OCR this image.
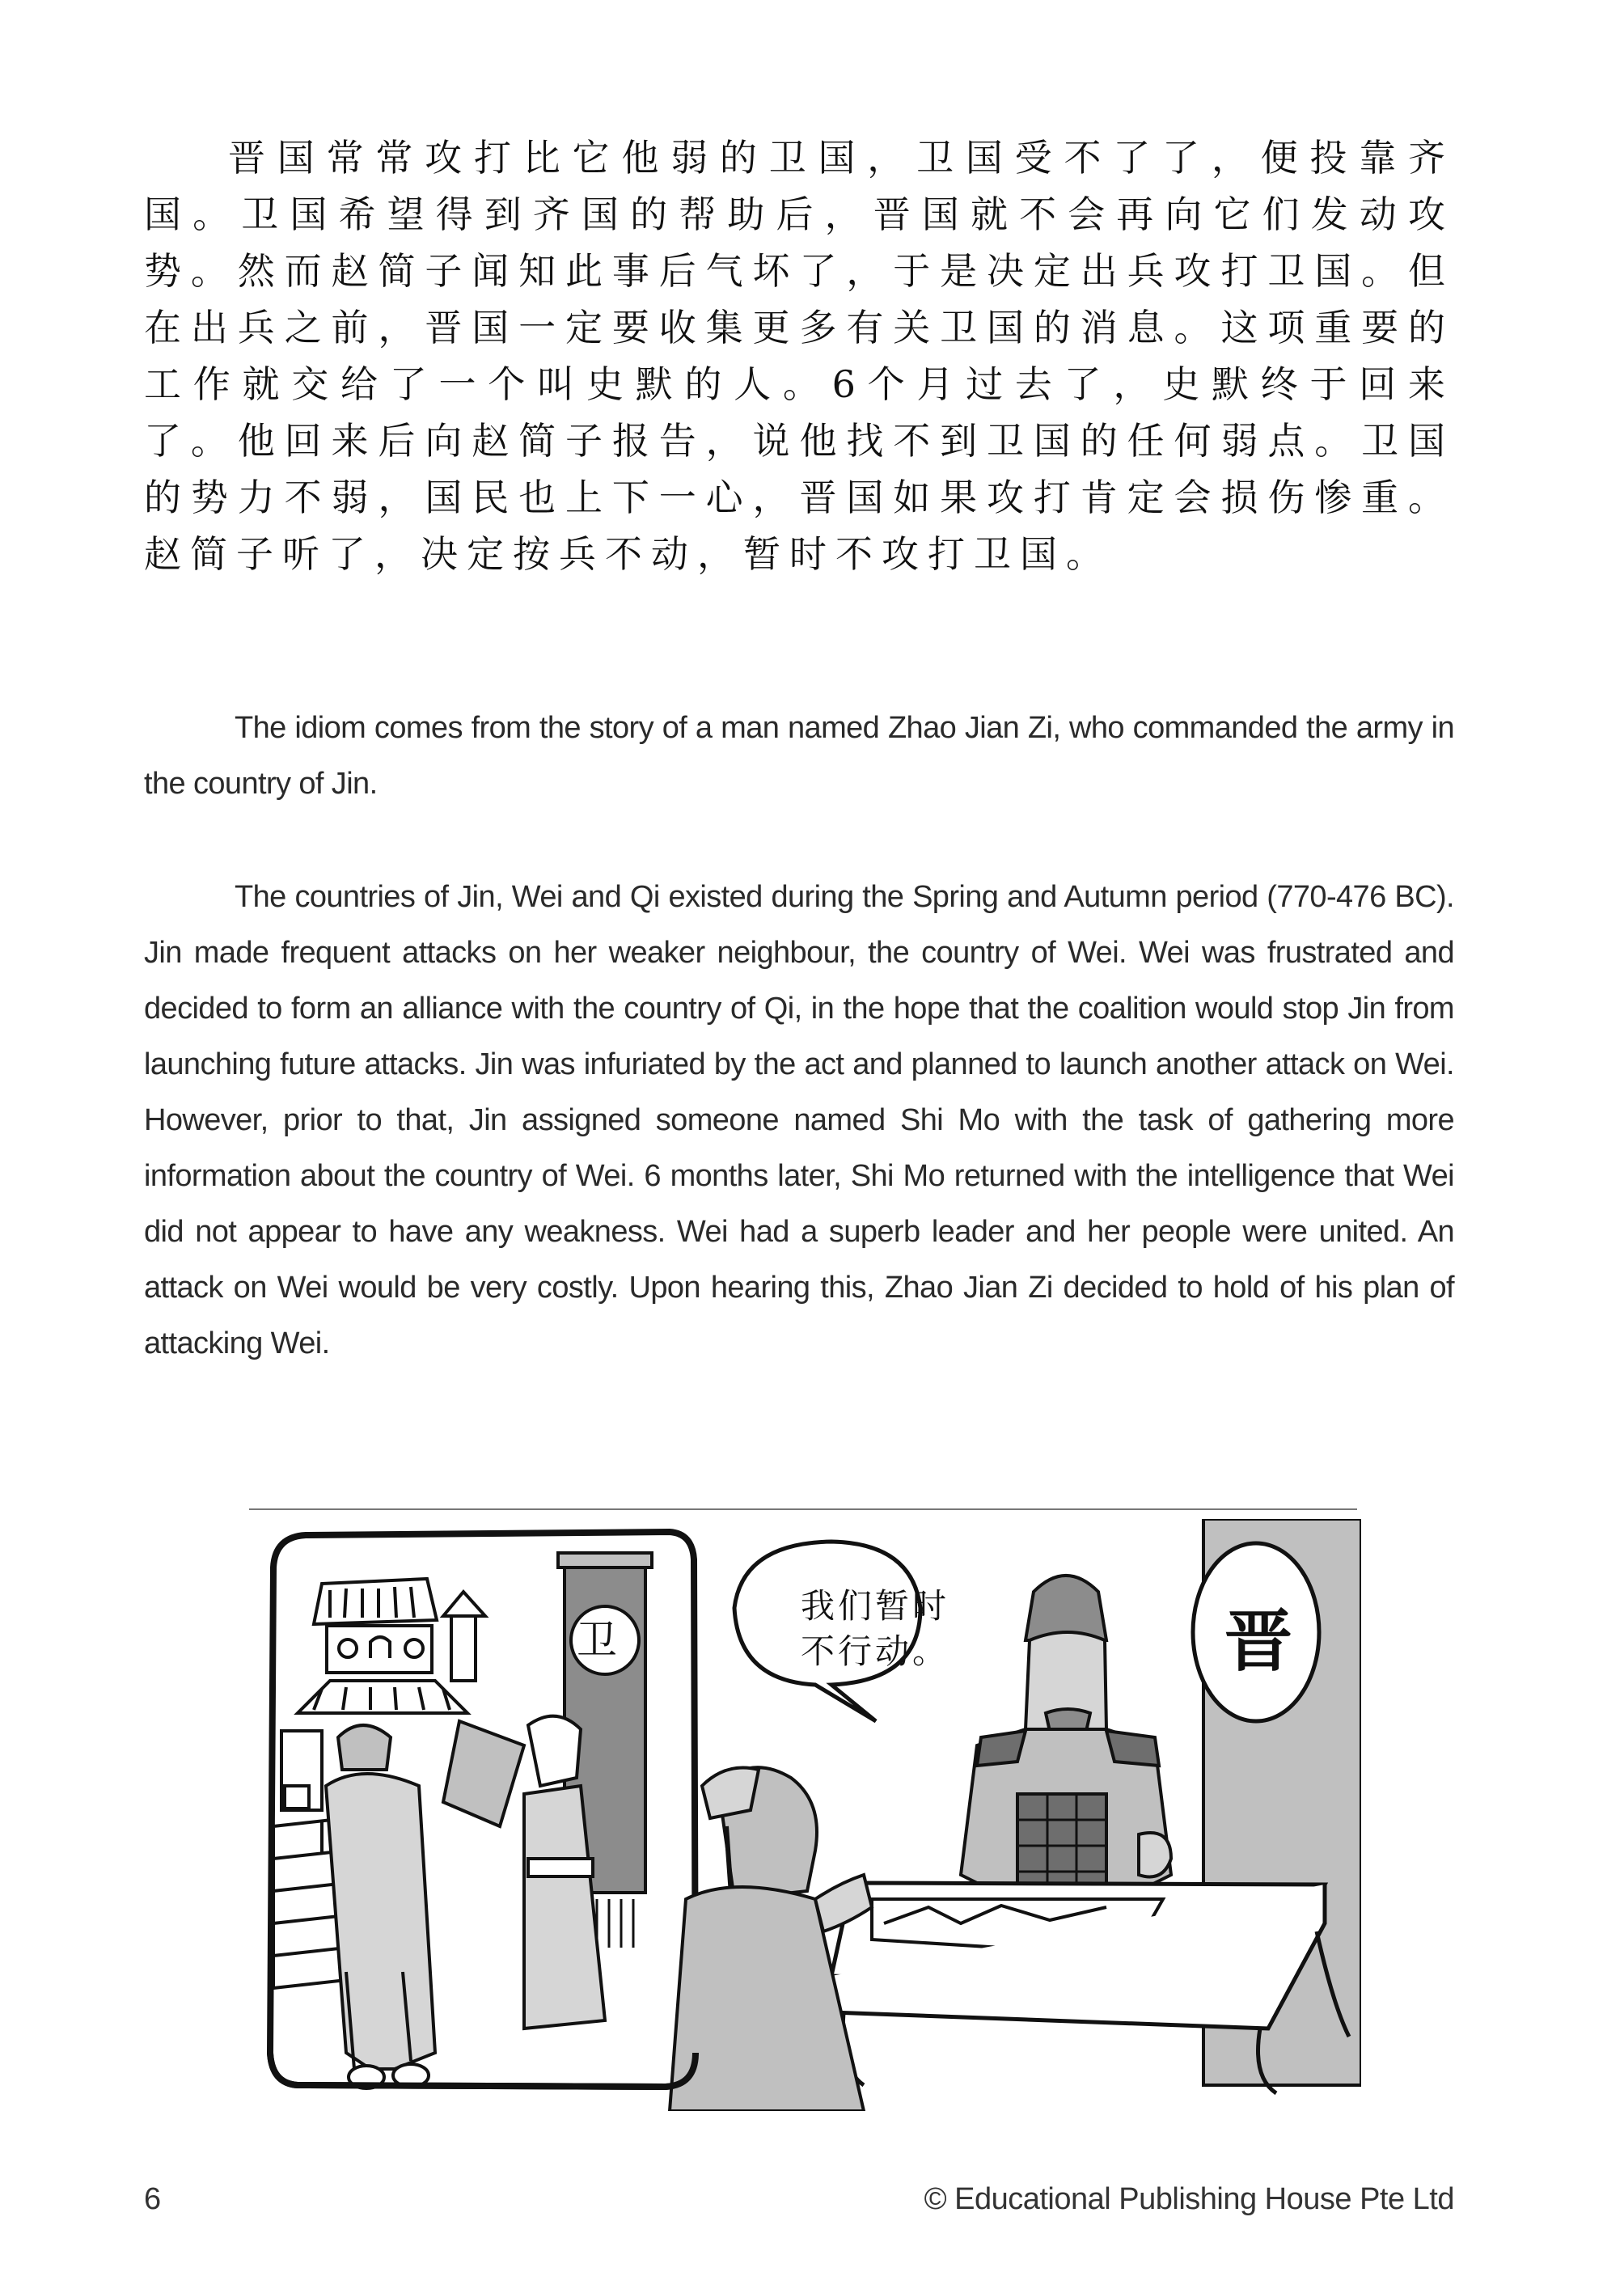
晋国常常攻打比它他弱的卫国，卫国受不了了，便投靠齐国。卫国希望得到齐国的帮助后，晋国就不会再向它们发动攻势。然而赵简子闻知此事后气坏了，于是决定出兵攻打卫国。但在出兵之前，晋国一定要收集更多有关卫国的消息。这项重要的工作就交给了一个叫史默的人。6个月过去了，史默终于回来了。他回来后向赵简子报告，说他找不到卫国的任何弱点。卫国的势力不弱，国民也上下一心，晋国如果攻打肯定会损伤惨重。赵简子听了，决定按兵不动，暂时不攻打卫国。

The idiom comes from the story of a man named Zhao Jian Zi, who commanded the army in the country of Jin.

The countries of Jin, Wei and Qi existed during the Spring and Autumn period (770-476 BC). Jin made frequent attacks on her weaker neighbour, the country of Wei. Wei was frustrated and decided to form an alliance with the country of Qi, in the hope that the coalition would stop Jin from launching future attacks. Jin was infuriated by the act and planned to launch another attack on Wei. However, prior to that, Jin assigned someone named Shi Mo with the task of gathering more information about the country of Wei. 6 months later, Shi Mo returned with the intelligence that Wei did not appear to have any weakness. Wei had a superb leader and her people were united. An attack on Wei would be very costly. Upon hearing this, Zhao Jian Zi decided to hold of his plan of attacking Wei.

我们暂时
不行动。
卫	晋
6	© Educational Publishing House Pte Ltd
